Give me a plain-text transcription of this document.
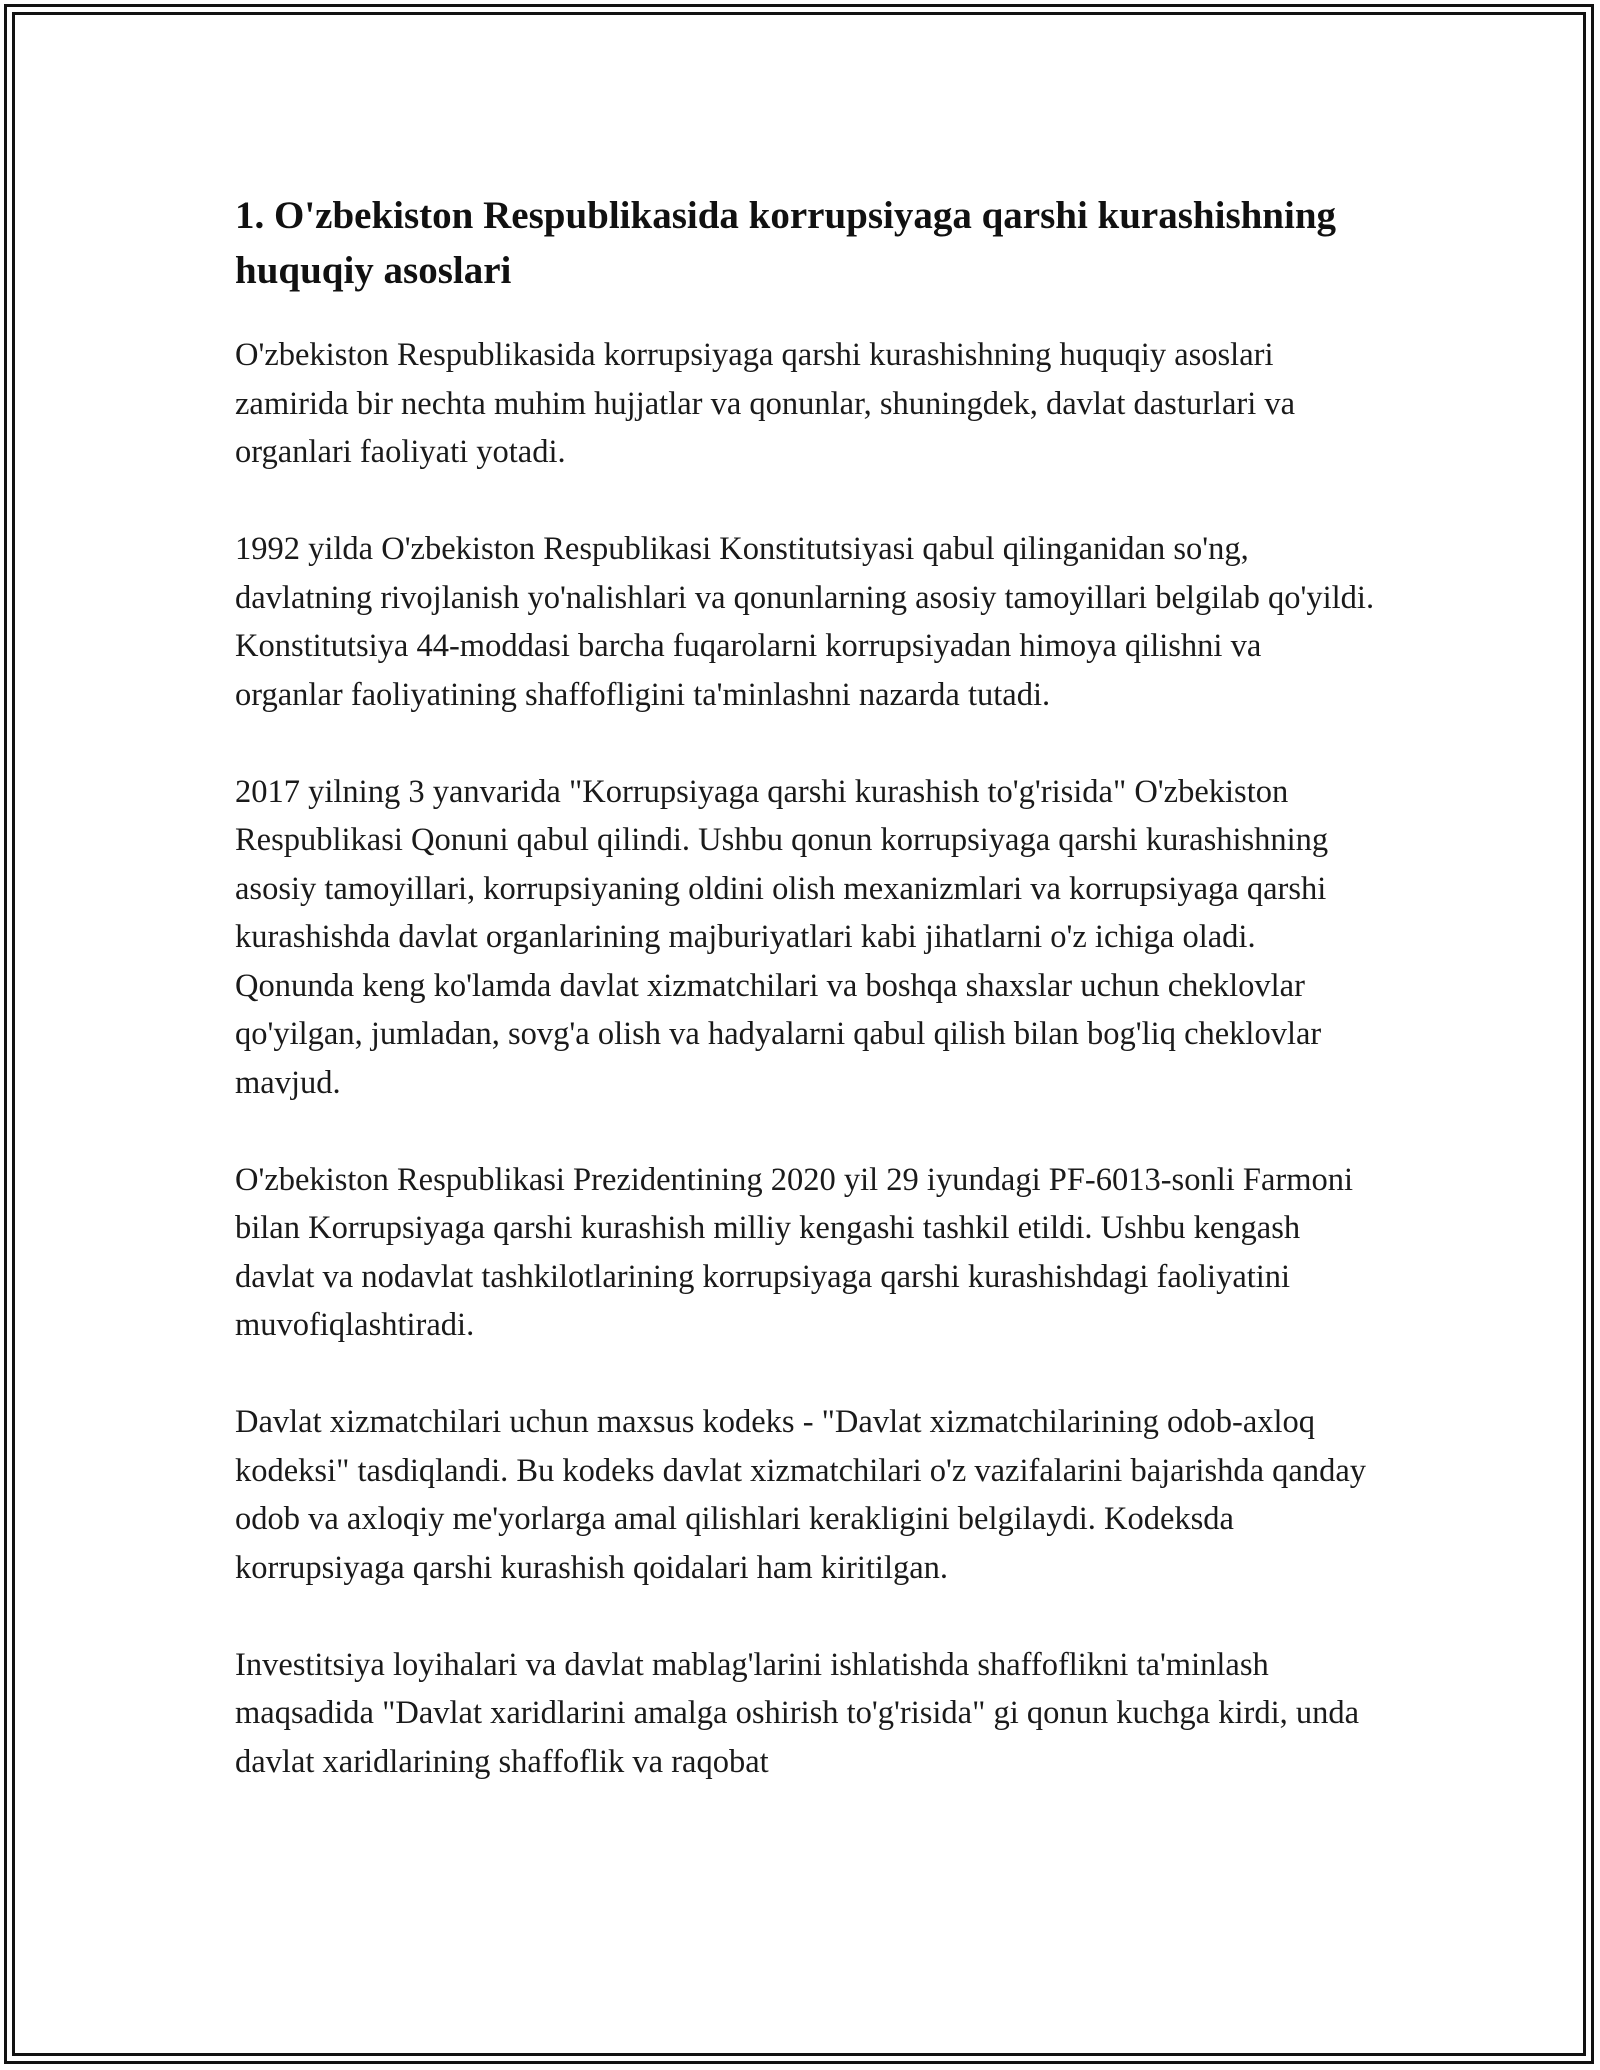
1. O'zbekiston Respublikasida korrupsiyaga qarshi kurashishning huquqiy asoslari

O'zbekiston Respublikasida korrupsiyaga qarshi kurashishning huquqiy asoslari zamirida bir nechta muhim hujjatlar va qonunlar, shuningdek, davlat dasturlari va organlari faoliyati yotadi.

1992 yilda O'zbekiston Respublikasi Konstitutsiyasi qabul qilinganidan so'ng, davlatning rivojlanish yo'nalishlari va qonunlarning asosiy tamoyillari belgilab qo'yildi. Konstitutsiya 44-moddasi barcha fuqarolarni korrupsiyadan himoya qilishni va organlar faoliyatining shaffofligini ta'minlashni nazarda tutadi.

2017 yilning 3 yanvarida "Korrupsiyaga qarshi kurashish to'g'risida" O'zbekiston Respublikasi Qonuni qabul qilindi. Ushbu qonun korrupsiyaga qarshi kurashishning asosiy tamoyillari, korrupsiyaning oldini olish mexanizmlari va korrupsiyaga qarshi kurashishda davlat organlarining majburiyatlari kabi jihatlarni o'z ichiga oladi. Qonunda keng ko'lamda davlat xizmatchilari va boshqa shaxslar uchun cheklovlar qo'yilgan, jumladan, sovg'a olish va hadyalarni qabul qilish bilan bog'liq cheklovlar mavjud.

O'zbekiston Respublikasi Prezidentining 2020 yil 29 iyundagi PF-6013-sonli Farmoni bilan Korrupsiyaga qarshi kurashish milliy kengashi tashkil etildi. Ushbu kengash davlat va nodavlat tashkilotlarining korrupsiyaga qarshi kurashishdagi faoliyatini muvofiqlashtiradi.

Davlat xizmatchilari uchun maxsus kodeks - "Davlat xizmatchilarining odob-axloq kodeksi" tasdiqlandi. Bu kodeks davlat xizmatchilari o'z vazifalarini bajarishda qanday odob va axloqiy me'yorlarga amal qilishlari kerakligini belgilaydi. Kodeksda korrupsiyaga qarshi kurashish qoidalari ham kiritilgan.

Investitsiya loyihalari va davlat mablag'larini ishlatishda shaffoflikni ta'minlash maqsadida "Davlat xaridlarini amalga oshirish to'g'risida" gi qonun kuchga kirdi, unda davlat xaridlarining shaffoflik va raqobat
